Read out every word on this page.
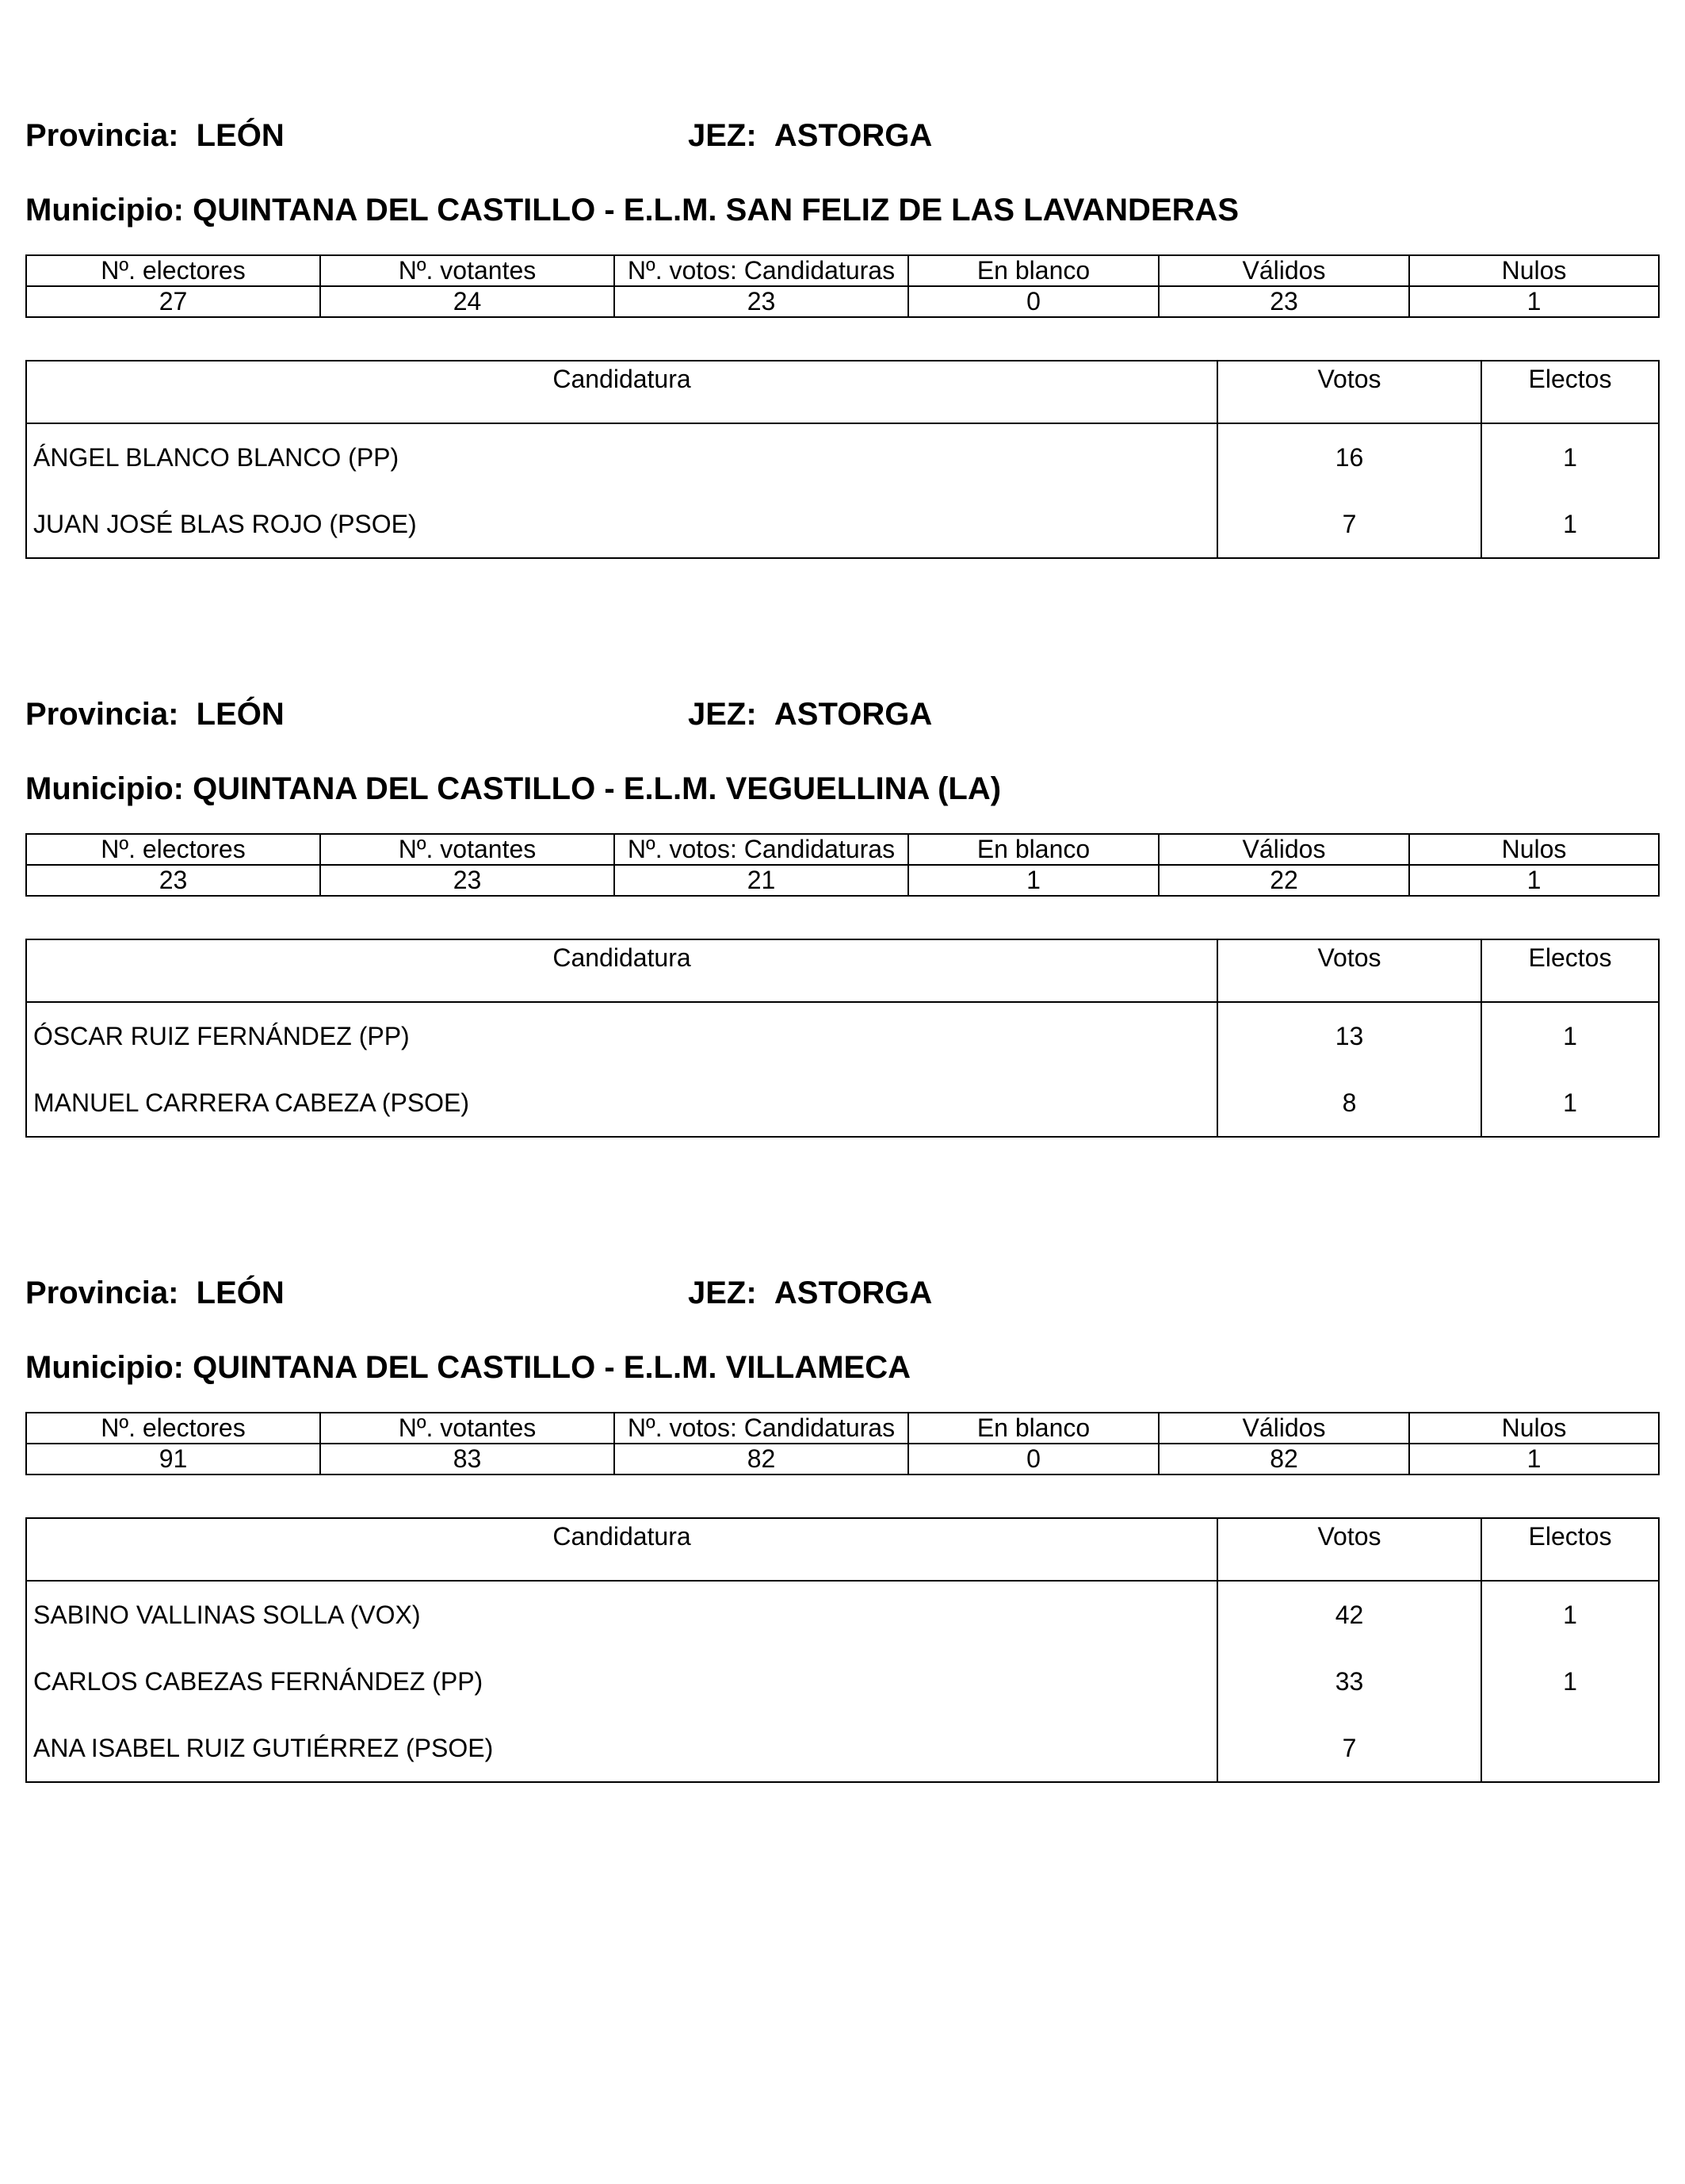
Provincia: LEÓN	JEZ: ASTORGA
Municipio: QUINTANA DEL CASTILLO - E.L.M. SAN FELIZ DE LAS LAVANDERAS
Nº. electores	Nº. votantes	Nº. votos: Candidaturas	En blanco	Válidos	Nulos
27	24	23	0	23	1
Candidatura	Votos	Electos
ÁNGEL BLANCO BLANCO (PP)	16	1
JUAN JOSÉ BLAS ROJO (PSOE)	7	1
Provincia: LEÓN	JEZ: ASTORGA
Municipio: QUINTANA DEL CASTILLO - E.L.M. VEGUELLINA (LA)
Nº. electores	Nº. votantes	Nº. votos: Candidaturas	En blanco	Válidos	Nulos
23	23	21	1	22	1
Candidatura	Votos	Electos
ÓSCAR RUIZ FERNÁNDEZ (PP)	13	1
MANUEL CARRERA CABEZA (PSOE)	8	1
Provincia: LEÓN	JEZ: ASTORGA
Municipio: QUINTANA DEL CASTILLO - E.L.M. VILLAMECA
Nº. electores	Nº. votantes	Nº. votos: Candidaturas	En blanco	Válidos	Nulos
91	83	82	0	82	1
Candidatura	Votos	Electos
SABINO VALLINAS SOLLA (VOX)	42	1
CARLOS CABEZAS FERNÁNDEZ (PP)	33	1
ANA ISABEL RUIZ GUTIÉRREZ (PSOE)	7	
